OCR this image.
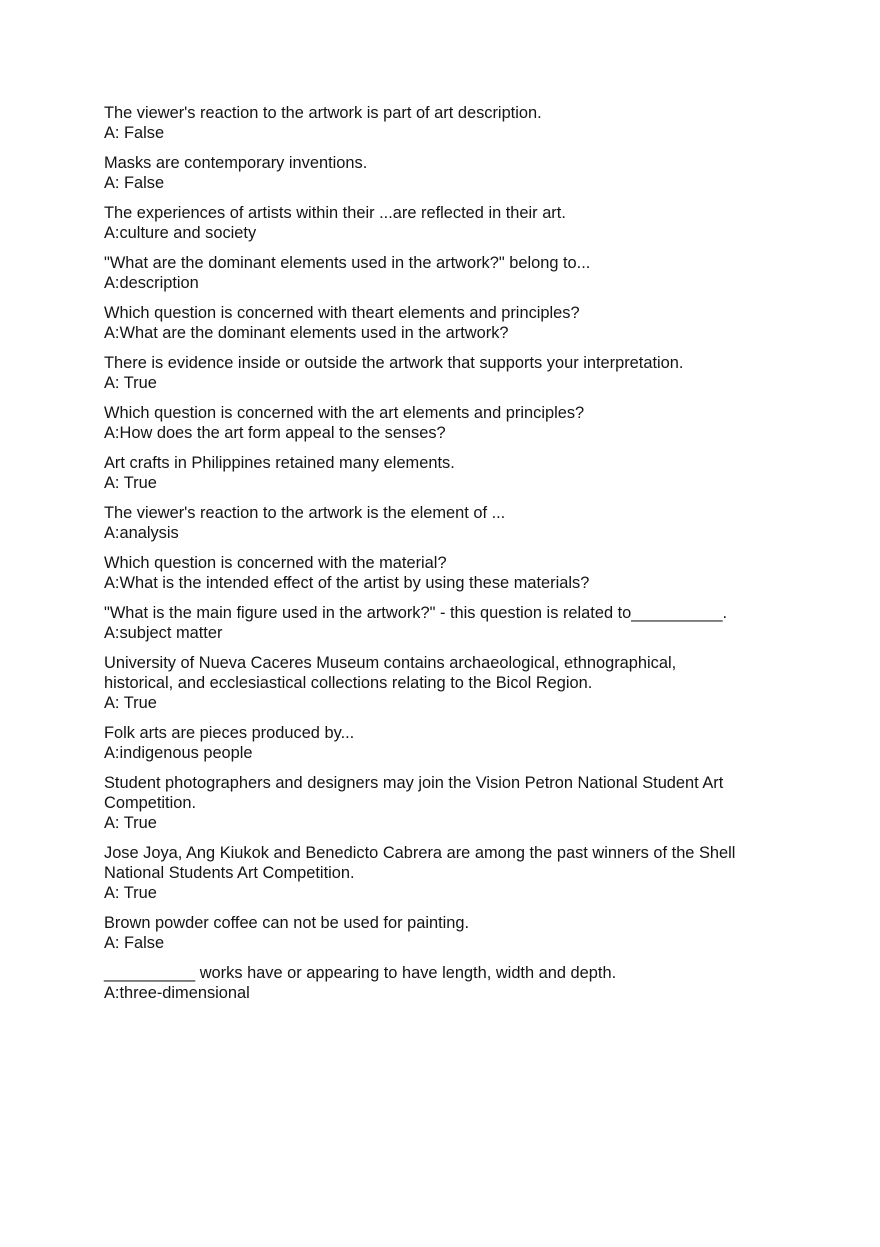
The viewer's reaction to the artwork is part of art description.
A: False
Masks are contemporary inventions.
A: False
The experiences of artists within their ...are reflected in their art.
A:culture and society
"What are the dominant elements used in the artwork?" belong to...
A:description
Which question is concerned with theart elements and principles?
A:What are the dominant elements used in the artwork?
There is evidence inside or outside the artwork that supports your interpretation.
A: True
Which question is concerned with the art elements and principles?
A:How does the art form appeal to the senses?
Art crafts in Philippines retained many elements.
A: True
The viewer's reaction to the artwork is the element of ...
A:analysis
Which question is concerned with the material?
A:What is the intended effect of the artist by using these materials?
"What is the main figure used in the artwork?" - this question is related to__________.
A:subject matter
University of Nueva Caceres Museum contains archaeological, ethnographical,
historical, and ecclesiastical collections relating to the Bicol Region.
A: True
Folk arts are pieces produced by...
A:indigenous people
Student photographers and designers may join the Vision Petron National Student Art
Competition.
A: True
Jose Joya, Ang Kiukok and Benedicto Cabrera are among the past winners of the Shell
National Students Art Competition.
A: True
Brown powder coffee can not be used for painting.
A: False
__________ works have or appearing to have length, width and depth.
A:three-dimensional
